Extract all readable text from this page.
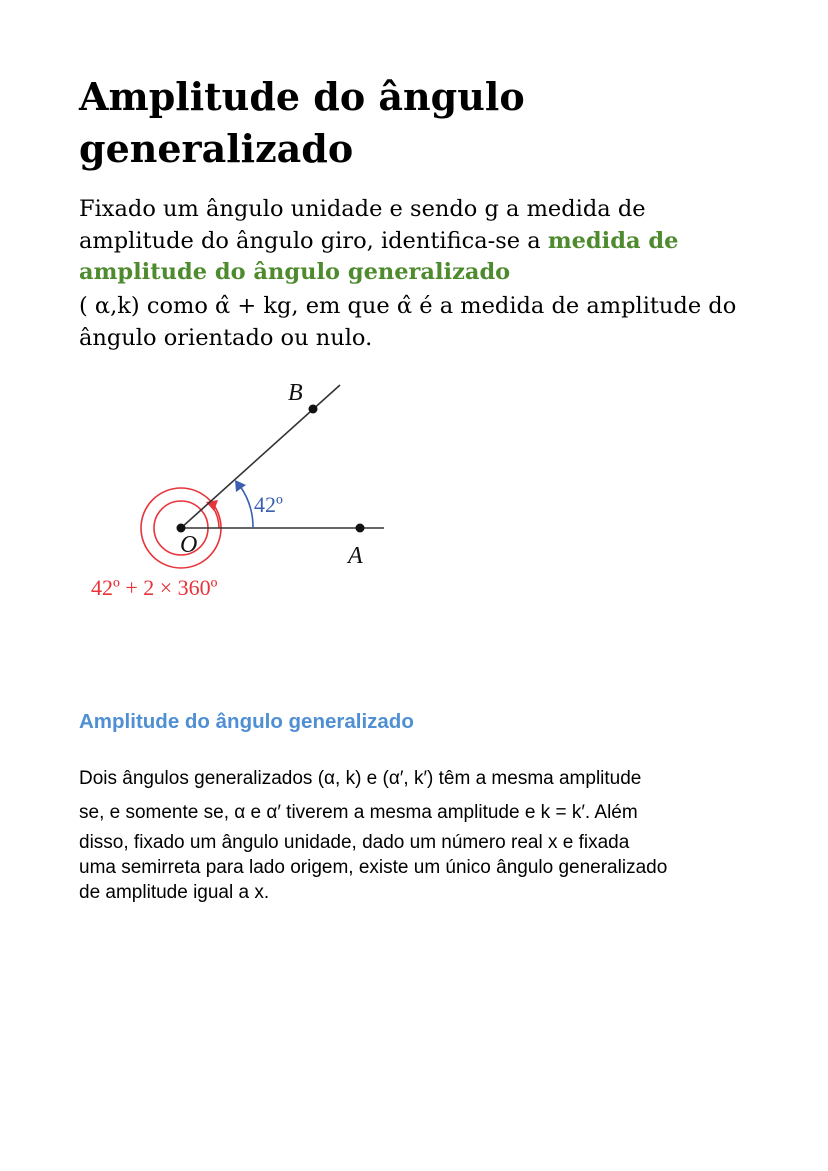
Amplitude do ângulo
generalizado
Fixado um ângulo unidade e sendo g a medida de
amplitude do ângulo giro, identifica-se a medida de
amplitude do ângulo generalizado
( α,k) como α̂ + kg, em que α̂ é a medida de amplitude do
ângulo orientado ou nulo.
B
O	A
42º
42º + 2 × 360º
Amplitude do ângulo generalizado
Dois ângulos generalizados (α, k) e (α′, k′) têm a mesma amplitude
se, e somente se, α e α′ tiverem a mesma amplitude e k = k′. Além
disso, fixado um ângulo unidade, dado um número real x e fixada
uma semirreta para lado origem, existe um único ângulo generalizado
de amplitude igual a x.
